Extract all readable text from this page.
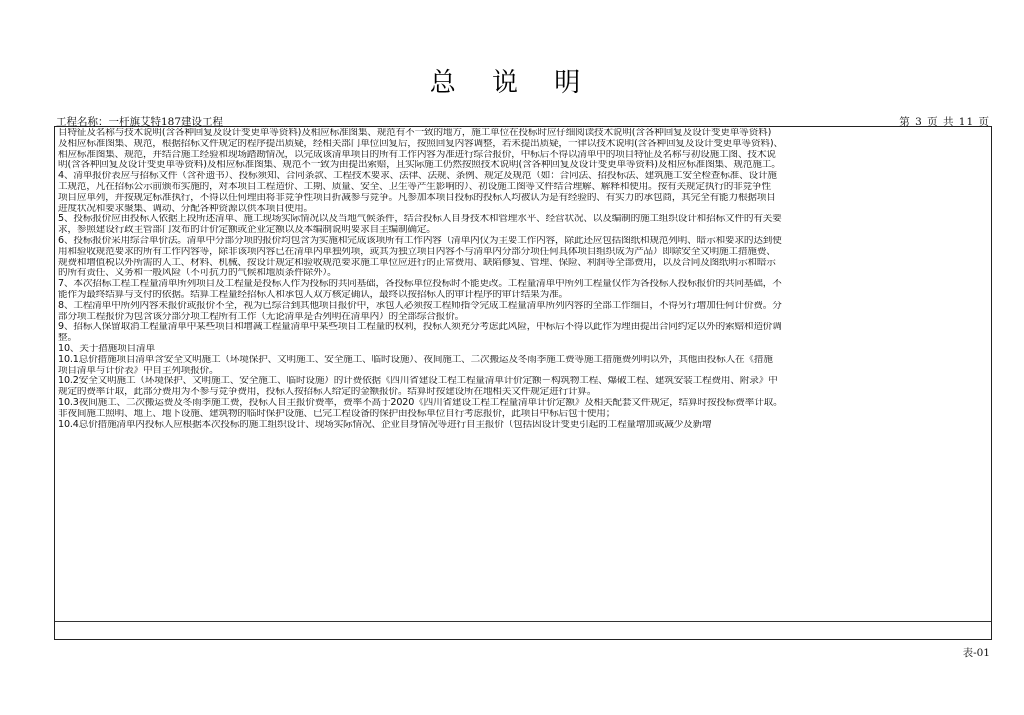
总 说 明
工程名称：一杆旗艾特187建设工程	第 3 页 共 11 页
目特征及名称与技术说明(含各种回复及设计变更单等资料)及相应标准图集、规范有不一致的地方，施工单位在投标时应仔细阅读技术说明(含各种回复及设计变更单等资料)
及相应标准图集、规范，根据招标文件规定的程序提出质疑，经相关部门单位回复后，按照回复内容调整，若未提出质疑，一律以技术说明(含各种回复及设计变更单等资料)、
相应标准图集、规范，并结合施工经验和现场踏勘情况，以完成该清单项目的所有工作内容为准进行综合报价，中标后不得以清单中的项目特征及名称与初设施工图、技术说
明(含各种回复及设计变更单等资料)及相应标准图集、规范不一致为由提出索赔，且实际施工仍然按照技术说明(含各种回复及设计变更单等资料)及相应标准图集、规范施工。
4、清单报价表应与招标文件（含补遗书）、投标须知、合同条款、工程技术要求、法律、法规、条例、规定及规范（如：合同法、招投标法、建筑施工安全检查标准、设计施
工规范，凡在招标公示前颁布实施的，对本项目工程造价、工期、质量、安全、卫生等产生影响的）、初设施工图等文件结合理解、解释和使用。按有关规定执行的非竞争性
项目应单列，并按规定标准执行，不得以任何理由将非竞争性项目折减参与竞争。凡参加本项目投标的投标人均被认为是有经验的、有实力的承包商，其完全有能力根据项目
进度状况和要求聚集、调动、分配各种资源以供本项目使用。
5、投标报价应由投标人依据上段所述清单、施工现场实际情况以及当地气候条件，结合投标人自身技术和管理水平、经营状况、以及编制的施工组织设计和招标文件的有关要
求，参照建设行政主管部门发布的计价定额或企业定额以及本编制说明要求自主编制确定。
6、投标报价采用综合单价法。清单中分部分项的报价均包含为实施和完成该项所有工作内容（清单内仅为主要工作内容，除此还应包括图纸和规范列明、暗示和要求的达到使
用和验收规范要求的所有工作内容等，除非该项内容已在清单内单独列项，或其为独立项目内容不与清单内分部分项任何具体项目组织成为产品）即除安全文明施工措施费、
规费和增值税以外所需的人工、材料、机械、按设计规定和验收规范要求施工单位应进行的正常费用、缺陷修复、管理、保险、利润等全部费用，以及合同及图纸明示和暗示
的所有责任、义务和一般风险（不可抗力的气候和地质条件除外）。
7、本次招标工程工程量清单所列项目及工程量是投标人作为投标的共同基础，各投标单位投标时不能更改。工程量清单中所列工程量仅作为各投标人投标报价的共同基础，不
能作为最终结算与支付的依据。结算工程量经招标人和承包人双方核定确认，最终以按招标人的审计程序的审计结果为准。
8、工程清单中所列内容未报价或报价不全，视为已综合到其他项目报价中，承包人必须按工程师指令完成工程量清单所列内容的全部工作细目，不得另行增加任何计价费。分
部分项工程报价为包含该分部分项工程所有工作（无论清单是否列明在清单内）的全部综合报价。
9、招标人保留取消工程量清单中某些项目和增减工程量清单中某些项目工程量的权利，投标人须充分考虑此风险，中标后不得以此作为理由提出合同约定以外的索赔和造价调
整。
10、关于措施项目清单
10.1总价措施项目清单含安全文明施工（环境保护、文明施工、安全施工、临时设施）、夜间施工、二次搬运及冬雨季施工费等施工措施费列明以外，其他由投标人在《措施
项目清单与计价表》中自主列项报价。
10.2安全文明施工（环境保护、文明施工、安全施工、临时设施）的计费依据《四川省建设工程工程量清单计价定额－构筑物工程、爆破工程、建筑安装工程费用、附录》中
规定的费率计取，此部分费用为不参与竞争费用，投标人按招标人给定的金额报价。结算时按建设所在地相关文件规定进行计算。
10.3夜间施工、二次搬运费及冬雨季施工费，投标人自主报价费率，费率不高于2020《四川省建设工程工程量清单计价定额》及相关配套文件规定，结算时按投标费率计取。
非夜间施工照明、地上、地下设施、建筑物的临时保护设施、已完工程设备的保护由投标单位自行考虑报价，此项目中标后包干使用；
10.4总价措施清单内投标人应根据本次投标的施工组织设计、现场实际情况、企业自身情况等进行自主报价（包括因设计变更引起的工程量增加或减少及新增
表-01
